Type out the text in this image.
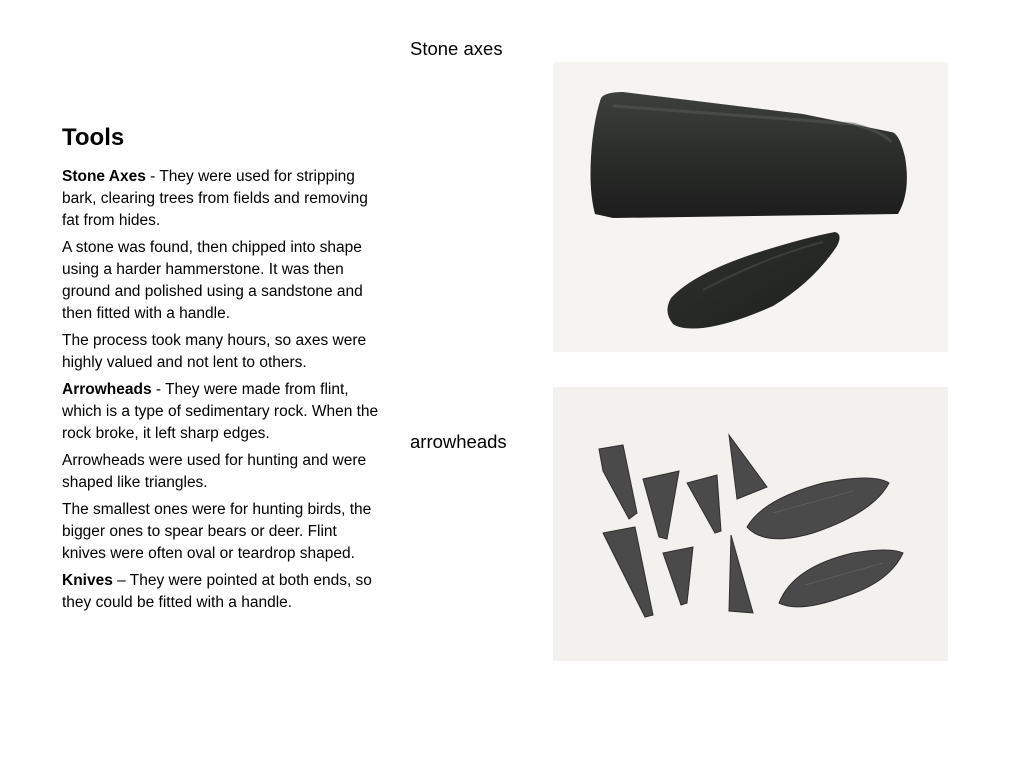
Stone axes
Tools

Stone Axes - They were used for stripping bark, clearing trees from fields and removing fat from hides.

A stone was found, then chipped into shape using a harder hammerstone. It was then ground and polished using a sandstone and then fitted with a handle.

The process took many hours, so axes were highly valued and not lent to others.

Arrowheads - They were made from flint, which is a type of sedimentary rock. When the rock broke, it left sharp edges.

Arrowheads were used for hunting and were shaped like triangles.

The smallest ones were for hunting birds, the bigger ones to spear bears or deer. Flint knives were often oval or teardrop shaped.

Knives – They were pointed at both ends, so they could be fitted with a handle.

arrowheads
